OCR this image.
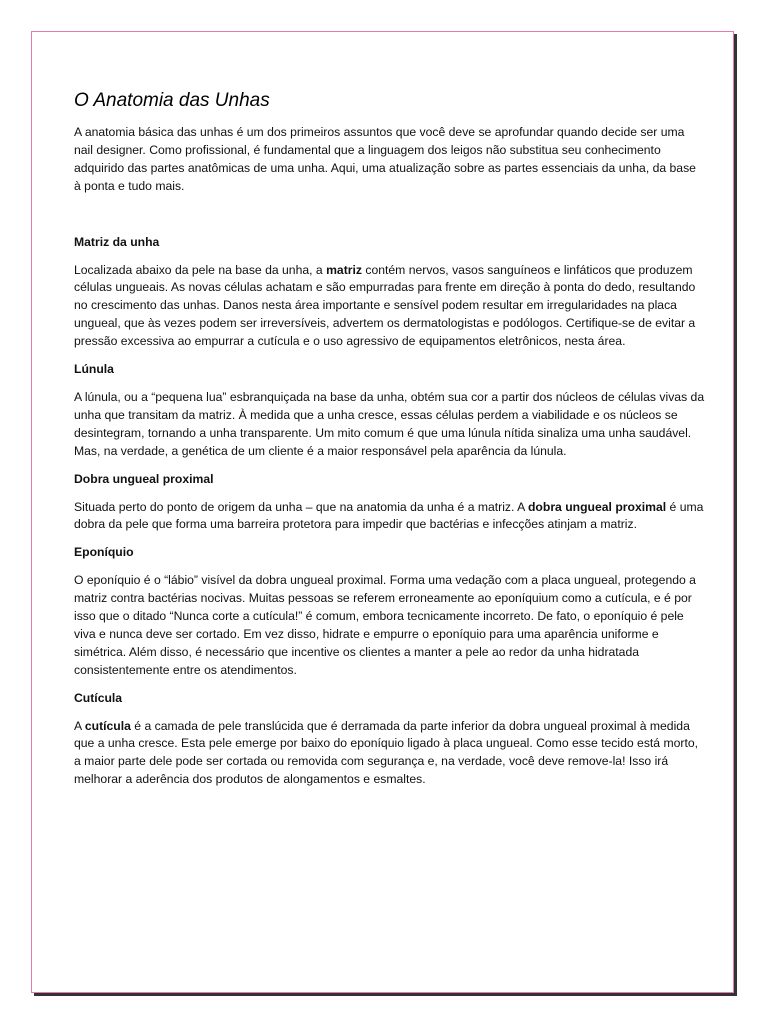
O Anatomia das Unhas

A anatomia básica das unhas é um dos primeiros assuntos que você deve se aprofundar quando decide ser uma nail designer. Como profissional, é fundamental que a linguagem dos leigos não substitua seu conhecimento adquirido das partes anatômicas de uma unha. Aqui, uma atualização sobre as partes essenciais da unha, da base à ponta e tudo mais.

Matriz da unha

Localizada abaixo da pele na base da unha, a matriz contém nervos, vasos sanguíneos e linfáticos que produzem células ungueais. As novas células achatam e são empurradas para frente em direção à ponta do dedo, resultando no crescimento das unhas. Danos nesta área importante e sensível podem resultar em irregularidades na placa ungueal, que às vezes podem ser irreversíveis, advertem os dermatologistas e podólogos. Certifique-se de evitar a pressão excessiva ao empurrar a cutícula e o uso agressivo de equipamentos eletrônicos, nesta área.

Lúnula

A lúnula, ou a “pequena lua” esbranquiçada na base da unha, obtém sua cor a partir dos núcleos de células vivas da unha que transitam da matriz. À medida que a unha cresce, essas células perdem a viabilidade e os núcleos se desintegram, tornando a unha transparente. Um mito comum é que uma lúnula nítida sinaliza uma unha saudável. Mas, na verdade, a genética de um cliente é a maior responsável pela aparência da lúnula.

Dobra ungueal proximal

Situada perto do ponto de origem da unha – que na anatomia da unha é a matriz. A dobra ungueal proximal é uma dobra da pele que forma uma barreira protetora para impedir que bactérias e infecções atinjam a matriz.

Eponíquio

O eponíquio é o “lábio” visível da dobra ungueal proximal. Forma uma vedação com a placa ungueal, protegendo a matriz contra bactérias nocivas. Muitas pessoas se referem erroneamente ao eponíquium como a cutícula, e é por isso que o ditado “Nunca corte a cutícula!” é comum, embora tecnicamente incorreto. De fato, o eponíquio é pele viva e nunca deve ser cortado. Em vez disso, hidrate e empurre o eponíquio para uma aparência uniforme e simétrica. Além disso, é necessário que incentive os clientes a manter a pele ao redor da unha hidratada consistentemente entre os atendimentos.

Cutícula

A cutícula é a camada de pele translúcida que é derramada da parte inferior da dobra ungueal proximal à medida que a unha cresce. Esta pele emerge por baixo do eponíquio ligado à placa ungueal. Como esse tecido está morto, a maior parte dele pode ser cortada ou removida com segurança e, na verdade, você deve remove-la! Isso irá melhorar a aderência dos produtos de alongamentos e esmaltes.
